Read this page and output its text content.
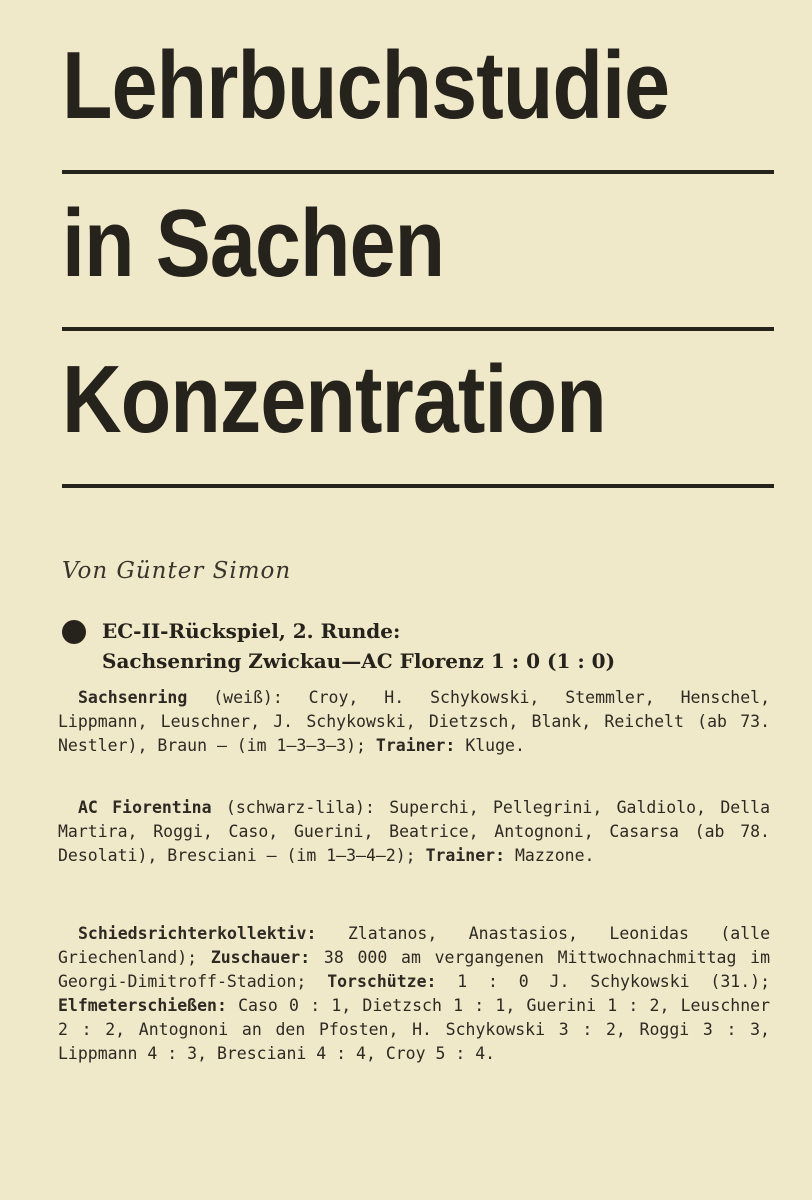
Lehrbuchstudie
in Sachen
Konzentration
Von Günter Simon
EC-II-Rückspiel, 2. Runde:
Sachsenring Zwickau—AC Florenz 1 : 0 (1 : 0)
Sachsenring (weiß): Croy, H. Schykowski, Stemmler, Henschel, Lippmann, Leuschner, J. Schykowski, Dietzsch, Blank, Reichelt (ab 73. Nestler), Braun — (im 1—3—3—3); Trainer: Kluge.
AC Fiorentina (schwarz-lila): Superchi, Pellegrini, Galdiolo, Della Martira, Roggi, Caso, Guerini, Beatrice, Antognoni, Casarsa (ab 78. Desolati), Bresciani — (im 1—3—4—2); Trainer: Mazzone.
Schiedsrichterkollektiv: Zlatanos, Anastasios, Leonidas (alle Griechenland); Zuschauer: 38 000 am vergangenen Mittwochnachmittag im Georgi-Dimitroff-Stadion; Torschütze: 1 : 0 J. Schykowski (31.); Elfmeterschießen: Caso 0 : 1, Dietzsch 1 : 1, Guerini 1 : 2, Leuschner 2 : 2, Antognoni an den Pfosten, H. Schykowski 3 : 2, Roggi 3 : 3, Lippmann 4 : 3, Bresciani 4 : 4, Croy 5 : 4.
